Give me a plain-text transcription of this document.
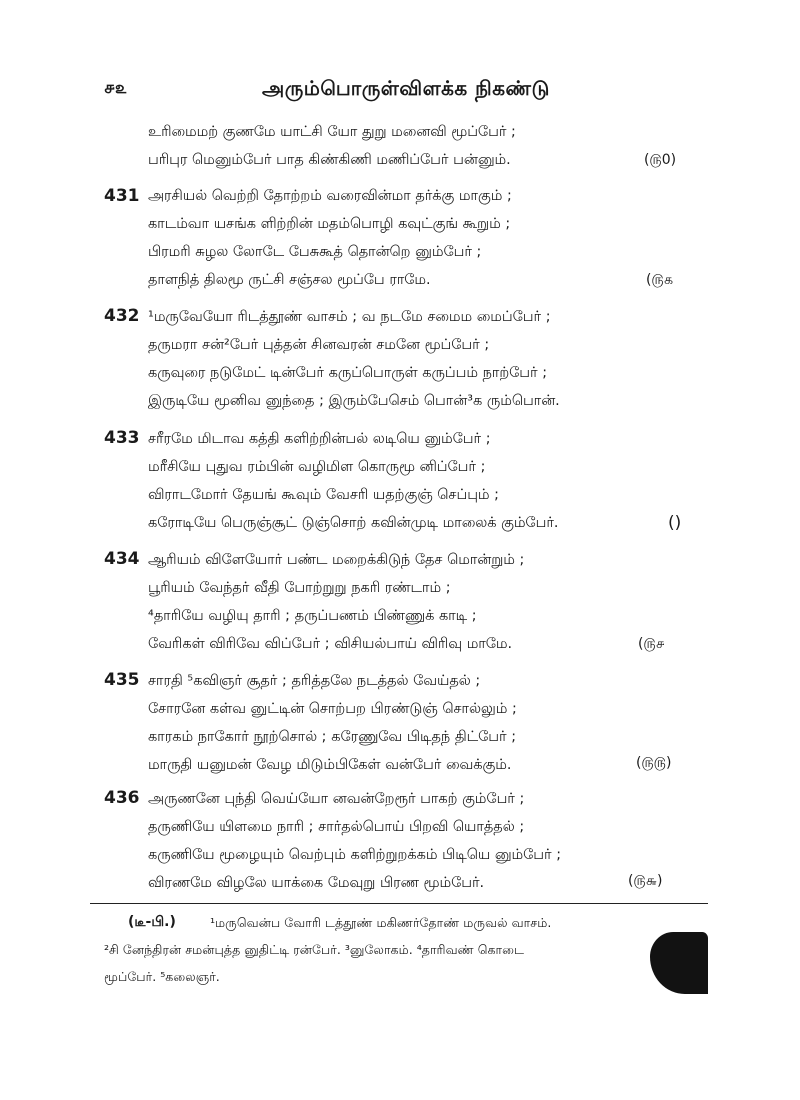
௪௨	அரும்பொருள்விளக்க நிகண்டு
உரிமைமற் குணமே யாட்சி யோ துறு மனைவி மூப்பேர் ;
பரிபுர மெனும்பேர் பாத கிண்கிணி மணிப்பேர் பன்னும்.	(௫0)
431 அரசியல் வெற்றி தோற்றம் வரைவின்மா தர்க்கு மாகும் ;
காடம்வா யசங்க ளிற்றின் மதம்பொழி கவுட்குங் கூறும் ;
பிரமரி சுழல லோடே பேசுகூத் தொன்றெ னும்பேர் ;
தாளநித் திலமூ ருட்சி சஞ்சல மூப்பே ராமே.	(௫௧
432 ¹மருவேயோ ரிடத்தூண் வாசம் ; வ நடமே சமைம மைப்பேர் ;
தருமரா சன்²பேர் புத்தன் சினவரன் சமனே மூப்பேர் ;
கருவுரை நடுமேட் டின்பேர் கருப்பொருள் கருப்பம் நாற்பேர் ;
இருடியே மூனிவ னுந்தை ; இரும்பேசெம் பொன்³க ரும்பொன்.
433 சரீரமே மிடாவ கத்தி களிற்றின்பல் லடியெ னும்பேர் ;
மரீசியே புதுவ ரம்பின் வழிமிள கொருமூ னிப்பேர் ;
விராடமோர் தேயங் கூவும் வேசரி யதற்குஞ் செப்பும் ;
கரோடியே பெருஞ்சூட் டுஞ்சொற் கவின்முடி மாலைக் கும்பேர்.	()
434 ஆரியம் விளேயோர் பண்ட மறைக்கிடுந் தேச மொன்றும் ;
பூரியம் வேந்தர் வீதி போற்றுறு நகரி ரண்டாம் ;
⁴தாரியே வழியு தாரி ; தருப்பணம் பிண்ணுக் காடி ;
வேரிகள் விரிவே விப்பேர் ; விசியல்பாய் விரிவு மாமே.	(௫௪
435 சாரதி ⁵கவிஞர் சூதர் ; தரித்தலே நடத்தல் வேய்தல் ;
சோரனே கள்வ னுட்டின் சொற்பற பிரண்டுஞ் சொல்லும் ;
காரகம் நாகோர் நூற்சொல் ; கரேணுவே பிடிதந் திட்பேர் ;
மாருதி யனுமன் வேழ மிடும்பிகேள் வன்பேர் வைக்கும்.	(௫௫)
436 அருணனே புந்தி வெய்யோ னவன்றேரூர் பாகற் கும்பேர் ;
தருணியே யிளமை நாரி ; சார்தல்பொய் பிறவி யொத்தல் ;
கருணியே மூழையும் வெற்பும் களிற்றுறக்கம் பிடியெ னும்பேர் ;
விரணமே விழலே யாக்கை மேவுறு பிரண மூம்பேர்.	(௫௬)
(டீ-பி.)	¹மருவென்ப வோரி டத்தூண் மகிணர்தோண் மருவல் வாசம்.
²சி னேந்திரன் சமன்புத்த னுதிட்டி ரன்பேர். ³னுலோகம். ⁴தாரிவண் கொடை
மூப்பேர். ⁵கலைஞர்.
